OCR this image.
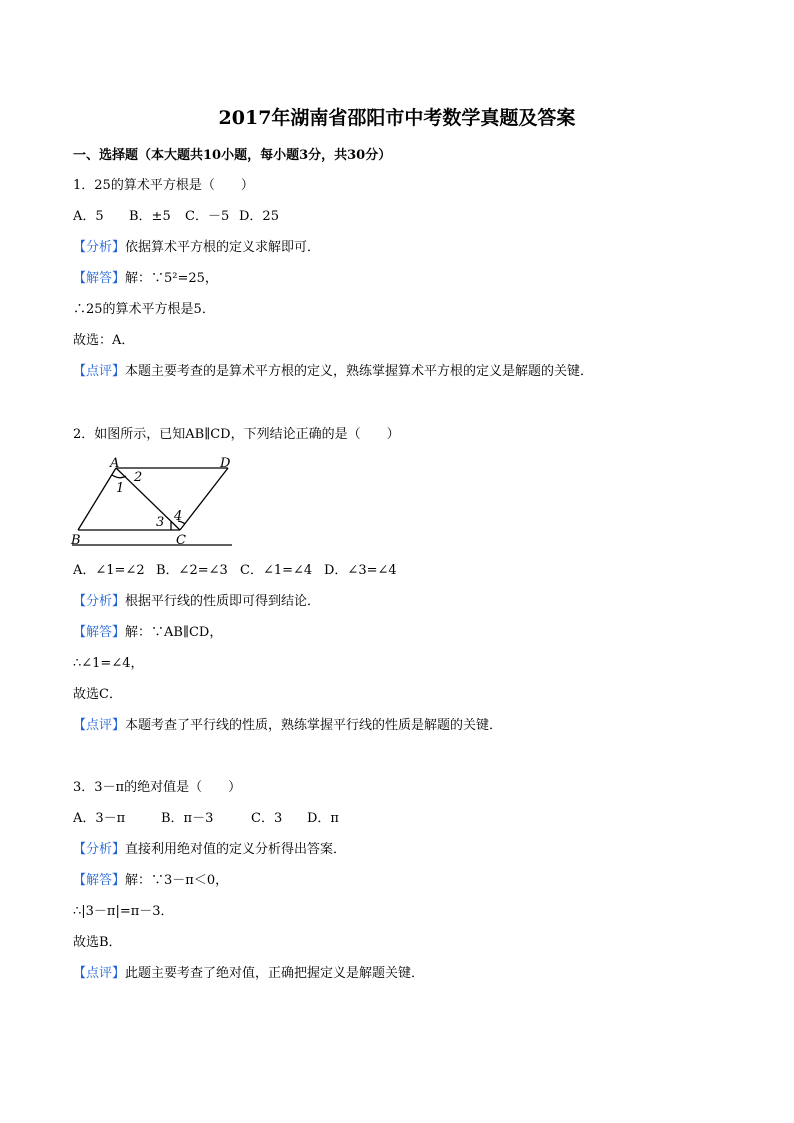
2017年湖南省邵阳市中考数学真题及答案
一、选择题（本大题共10小题，每小题3分，共30分）
1．25的算术平方根是（　　）
A．5 B．±5 C．－5 D．25
【分析】依据算术平方根的定义求解即可．
【解答】解：∵5²=25，
∴25的算术平方根是5．
故选：A．
【点评】本题主要考查的是算术平方根的定义，熟练掌握算术平方根的定义是解题的关键．
2．如图所示，已知AB∥CD，下列结论正确的是（　　）
A	D
B	C
2
1
3 4
A．∠1=∠2 B．∠2=∠3 C．∠1=∠4 D．∠3=∠4
【分析】根据平行线的性质即可得到结论．
【解答】解：∵AB∥CD，
∴∠1=∠4，
故选C．
【点评】本题考查了平行线的性质，熟练掌握平行线的性质是解题的关键．
3．3－π的绝对值是（　　）
A．3－π	B．π－3	C．3 D．π
【分析】直接利用绝对值的定义分析得出答案．
【解答】解：∵3－π＜0，
∴|3－π|=π－3．
故选B．
【点评】此题主要考查了绝对值，正确把握定义是解题关键．
